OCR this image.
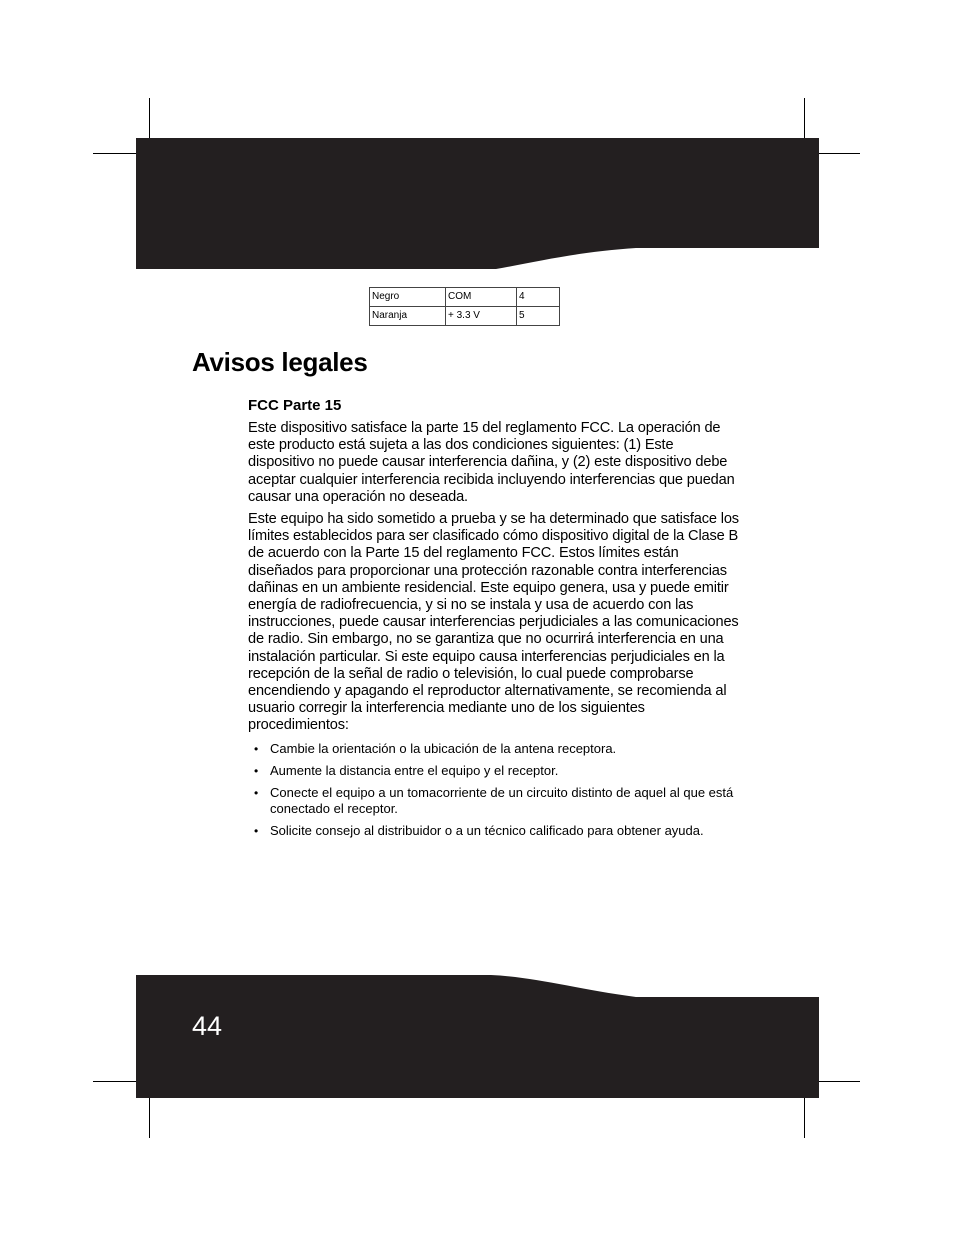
Negro	COM	4
Naranja	+ 3.3 V	5
Avisos legales
FCC Parte 15

Este dispositivo satisface la parte 15 del reglamento FCC. La operación de este producto está sujeta a las dos condiciones siguientes: (1) Este dispositivo no puede causar interferencia dañina, y (2) este dispositivo debe aceptar cualquier interferencia recibida incluyendo interferencias que puedan causar una operación no deseada.

Este equipo ha sido sometido a prueba y se ha determinado que satisface los límites establecidos para ser clasificado cómo dispositivo digital de la Clase B de acuerdo con la Parte 15 del reglamento FCC. Estos límites están diseñados para proporcionar una protección razonable contra interferencias dañinas en un ambiente residencial. Este equipo genera, usa y puede emitir energía de radiofrecuencia, y si no se instala y usa de acuerdo con las instrucciones, puede causar interferencias perjudiciales a las comunicaciones de radio. Sin embargo, no se garantiza que no ocurrirá interferencia en una instalación particular. Si este equipo causa interferencias perjudiciales en la recepción de la señal de radio o televisión, lo cual puede comprobarse encendiendo y apagando el reproductor alternativamente, se recomienda al usuario corregir la interferencia mediante uno de los siguientes procedimientos:

• Cambie la orientación o la ubicación de la antena receptora.
• Aumente la distancia entre el equipo y el receptor.
• Conecte el equipo a un tomacorriente de un circuito distinto de aquel al que está conectado el receptor.
• Solicite consejo al distribuidor o a un técnico calificado para obtener ayuda.
44
